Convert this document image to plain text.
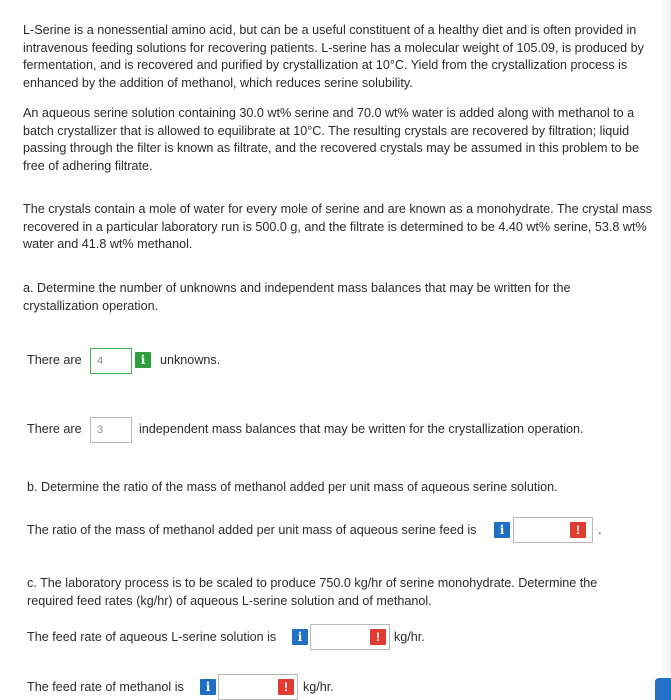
L-Serine is a nonessential amino acid, but can be a useful constituent of a healthy diet and is often provided in intravenous feeding solutions for recovering patients. L-serine has a molecular weight of 105.09, is produced by fermentation, and is recovered and purified by crystallization at 10°C. Yield from the crystallization process is enhanced by the addition of methanol, which reduces serine solubility.

An aqueous serine solution containing 30.0 wt% serine and 70.0 wt% water is added along with methanol to a batch crystallizer that is allowed to equilibrate at 10°C. The resulting crystals are recovered by filtration; liquid passing through the filter is known as filtrate, and the recovered crystals may be assumed in this problem to be free of adhering filtrate.

The crystals contain a mole of water for every mole of serine and are known as a monohydrate. The crystal mass recovered in a particular laboratory run is 500.0 g, and the filtrate is determined to be 4.40 wt% serine, 53.8 wt% water and 41.8 wt% methanol.

a. Determine the number of unknowns and independent mass balances that may be written for the crystallization operation.

There are	4	i	unknowns.
There are	3	independent mass balances that may be written for the crystallization operation.

b. Determine the ratio of the mass of methanol added per unit mass of aqueous serine solution.

The ratio of the mass of methanol added per unit mass of aqueous serine feed is	i	!	.

c. The laboratory process is to be scaled to produce 750.0 kg/hr of serine monohydrate. Determine the required feed rates (kg/hr) of aqueous L-serine solution and of methanol.

The feed rate of aqueous L-serine solution is	i	!	kg/hr.
The feed rate of methanol is	i	!	kg/hr.
